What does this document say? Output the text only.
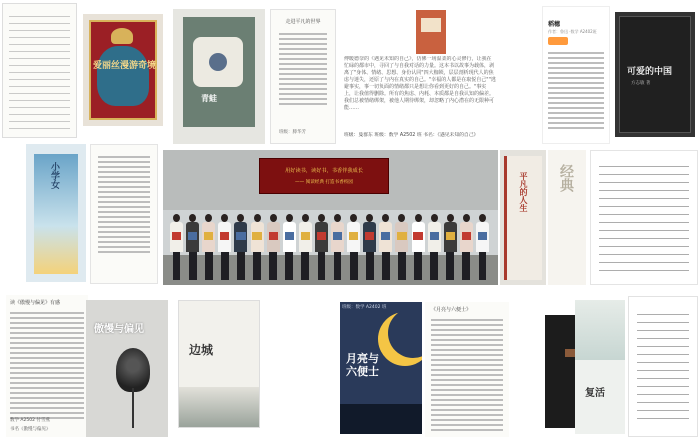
爱丽丝漫游奇境
青蛙
走进平凡的世界
班级：滕华芳
傅暖德奈的《遇见未知的自己》，仿佛一场温柔的心灵修行，让我在忙碌的都市中，寻回了与自我对话的力量。这本书以故事为载体，剥离了"身体、情绪、思想、身份认同"四大枷锁，层层剖析现代人的焦虑与迷失，还原了与内在真实的自己。"幸福的人都是在取悦自己""逃避事实，事一切负面的情绪都只是想让你看到更好的自己。"事实上，让我值得删除。所有的焦虑、内耗、本质都是自我认知的偏差。我们总被情绪绑架，被他人期待绑架，却忽略了内心潜在的无限种可能……
班级：曼群东 班级：数学 A2502 班 书名：《遇见未知的自己》
稻穗
作者：鲁迅 ·数学 A2402班
可爱的中国
方志敏 著
小学女	用好读书，读好书，书香伴我成长
—— 阅读经典 打造书香校园	平凡的人生 经典
读《傲慢与偏见》有感
数学 A2502 付雪燕
书名《傲慢与偏见》
傲慢与偏见
边城
班级：数学 A2402 班
月亮与六便士
《月亮与六便士》
复活
